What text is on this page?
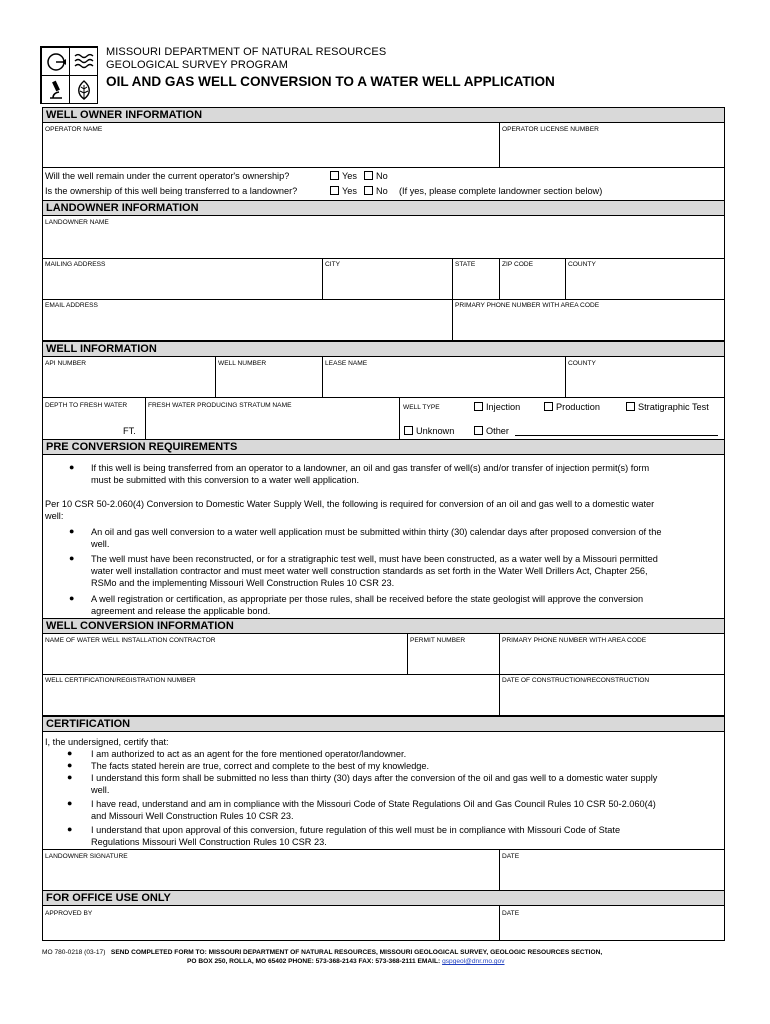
MISSOURI DEPARTMENT OF NATURAL RESOURCES
GEOLOGICAL SURVEY PROGRAM
OIL AND GAS WELL CONVERSION TO A WATER WELL APPLICATION
WELL OWNER INFORMATION
OPERATOR NAME	OPERATOR LICENSE NUMBER
Will the well remain under the current operator's ownership?	Yes	No
Is the ownership of this well being transferred to a landowner?	Yes	No (If yes, please complete landowner section below)
LANDOWNER INFORMATION
LANDOWNER NAME
MAILING ADDRESS	CITY	STATE	ZIP CODE	COUNTY
EMAIL ADDRESS	PRIMARY PHONE NUMBER WITH AREA CODE
WELL INFORMATION
API NUMBER	WELL NUMBER	LEASE NAME	COUNTY
DEPTH TO FRESH WATER	FRESH WATER PRODUCING STRATUM NAME	WELL TYPE	Injection	Production	Stratigraphic Test
FT.	Unknown	Other
PRE CONVERSION REQUIREMENTS
● If this well is being transferred from an operator to a landowner, an oil and gas transfer of well(s) and/or transfer of injection permit(s) form
must be submitted with this conversion to a water well application.
Per 10 CSR 50-2.060(4) Conversion to Domestic Water Supply Well, the following is required for conversion of an oil and gas well to a domestic water
well:
● An oil and gas well conversion to a water well application must be submitted within thirty (30) calendar days after proposed conversion of the
well.
● The well must have been reconstructed, or for a stratigraphic test well, must have been constructed, as a water well by a Missouri permitted
water well installation contractor and must meet water well construction standards as set forth in the Water Well Drillers Act, Chapter 256,
RSMo and the implementing Missouri Well Construction Rules 10 CSR 23.
● A well registration or certification, as appropriate per those rules, shall be received before the state geologist will approve the conversion
agreement and release the applicable bond.
WELL CONVERSION INFORMATION
NAME OF WATER WELL INSTALLATION CONTRACTOR	PERMIT NUMBER	PRIMARY PHONE NUMBER WITH AREA CODE
WELL CERTIFICATION/REGISTRATION NUMBER	DATE OF CONSTRUCTION/RECONSTRUCTION
CERTIFICATION
I, the undersigned, certify that:
● I am authorized to act as an agent for the fore mentioned operator/landowner.
● The facts stated herein are true, correct and complete to the best of my knowledge.
● I understand this form shall be submitted no less than thirty (30) days after the conversion of the oil and gas well to a domestic water supply
well.
● I have read, understand and am in compliance with the Missouri Code of State Regulations Oil and Gas Council Rules 10 CSR 50-2.060(4)
and Missouri Well Construction Rules 10 CSR 23.
● I understand that upon approval of this conversion, future regulation of this well must be in compliance with Missouri Code of State
Regulations Missouri Well Construction Rules 10 CSR 23.
LANDOWNER SIGNATURE	DATE
FOR OFFICE USE ONLY
APPROVED BY	DATE
MO 780-0218 (03-17) SEND COMPLETED FORM TO: MISSOURI DEPARTMENT OF NATURAL RESOURCES, MISSOURI GEOLOGICAL SURVEY, GEOLOGIC RESOURCES SECTION,
PO BOX 250, ROLLA, MO 65402 PHONE: 573-368-2143 FAX: 573-368-2111 EMAIL: gspgeol@dnr.mo.gov
